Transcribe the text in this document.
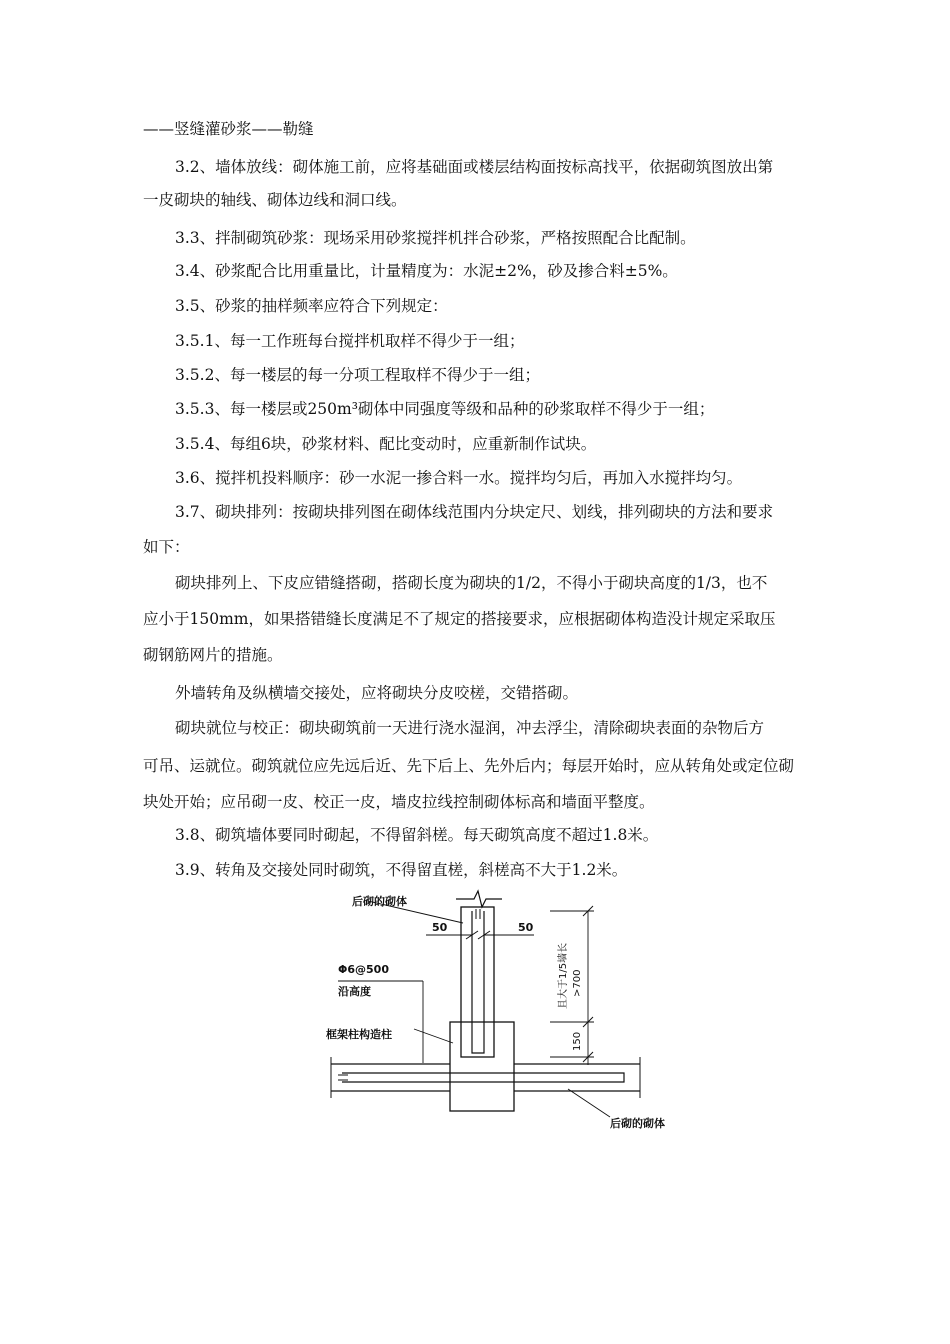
——竖缝灌砂浆——勒缝
3.2、墙体放线：砌体施工前，应将基础面或楼层结构面按标高找平，依据砌筑图放出第
一皮砌块的轴线、砌体边线和洞口线。
3.3、拌制砌筑砂浆：现场采用砂浆搅拌机拌合砂浆，严格按照配合比配制。
3.4、砂浆配合比用重量比，计量精度为：水泥±2%，砂及掺合料±5%。
3.5、砂浆的抽样频率应符合下列规定：
3.5.1、每一工作班每台搅拌机取样不得少于一组；
3.5.2、每一楼层的每一分项工程取样不得少于一组；
3.5.3、每一楼层或250m³砌体中同强度等级和品种的砂浆取样不得少于一组；
3.5.4、每组6块，砂浆材料、配比变动时，应重新制作试块。
3.6、搅拌机投料顺序：砂一水泥一掺合料一水。搅拌均匀后，再加入水搅拌均匀。
3.7、砌块排列：按砌块排列图在砌体线范围内分块定尺、划线，排列砌块的方法和要求
如下：
砌块排列上、下皮应错缝搭砌，搭砌长度为砌块的1/2，不得小于砌块高度的1/3，也不
应小于150mm，如果搭错缝长度满足不了规定的搭接要求，应根据砌体构造没计规定采取压
砌钢筋网片的措施。
外墙转角及纵横墙交接处，应将砌块分皮咬槎，交错搭砌。
砌块就位与校正：砌块砌筑前一天进行浇水湿润，冲去浮尘，清除砌块表面的杂物后方
可吊、运就位。砌筑就位应先远后近、先下后上、先外后内；每层开始时，应从转角处或定位砌
块处开始；应吊砌一皮、校正一皮，墙皮拉线控制砌体标高和墙面平整度。
3.8、砌筑墙体要同时砌起，不得留斜槎。每天砌筑高度不超过1.8米。
3.9、转角及交接处同时砌筑，不得留直槎，斜槎高不大于1.2米。
后砌的砌体
50	50
Φ6@500
沿高度
框架柱构造柱
后砌的砌体
>700
且大于1/5墙长
150
